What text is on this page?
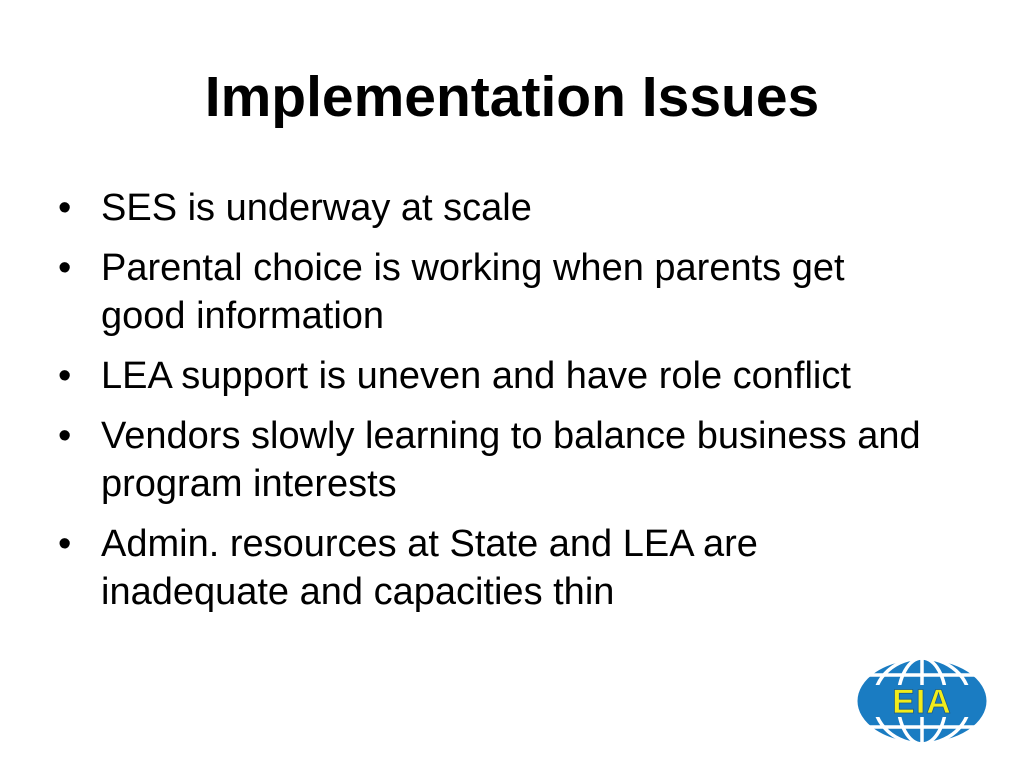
Implementation Issues
• SES is underway at scale
• Parental choice is working when parents get good information
• LEA support is uneven and have role conflict
• Vendors slowly learning to balance business and program interests
• Admin. resources at State and LEA are inadequate and capacities thin
EIA
